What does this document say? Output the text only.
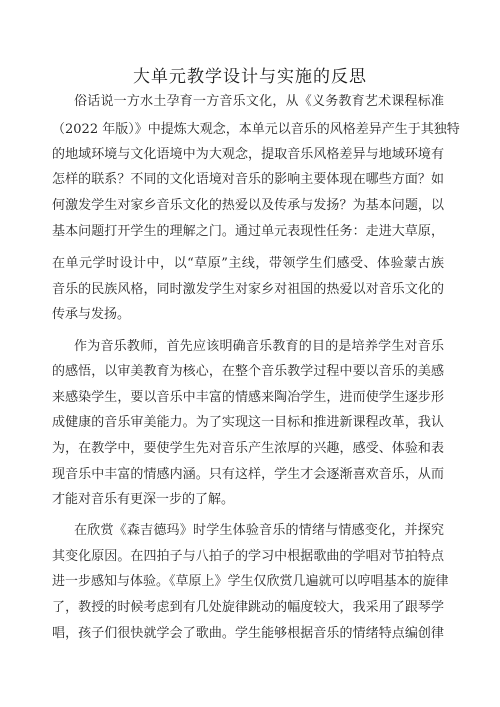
大单元教学设计与实施的反思

俗话说一方水土孕育一方音乐文化，从《义务教育艺术课程标准

（2022 年版）》中提炼大观念，本单元以音乐的风格差异产生于其独特

的地域环境与文化语境中为大观念，提取音乐风格差异与地域环境有

怎样的联系？不同的文化语境对音乐的影响主要体现在哪些方面？如

何激发学生对家乡音乐文化的热爱以及传承与发扬？为基本问题，以

基本问题打开学生的理解之门。通过单元表现性任务：走进大草原，

在单元学时设计中，以“草原”主线，带领学生们感受、体验蒙古族

音乐的民族风格，同时激发学生对家乡对祖国的热爱以对音乐文化的

传承与发扬。

作为音乐教师，首先应该明确音乐教育的目的是培养学生对音乐

的感悟，以审美教育为核心，在整个音乐教学过程中要以音乐的美感

来感染学生，要以音乐中丰富的情感来陶冶学生，进而使学生逐步形

成健康的音乐审美能力。为了实现这一目标和推进新课程改革，我认

为，在教学中，要使学生先对音乐产生浓厚的兴趣，感受、体验和表

现音乐中丰富的情感内涵。只有这样，学生才会逐渐喜欢音乐，从而

才能对音乐有更深一步的了解。

在欣赏《森吉德玛》时学生体验音乐的情绪与情感变化，并探究

其变化原因。在四拍子与八拍子的学习中根据歌曲的学唱对节拍特点

进一步感知与体验。《草原上》学生仅欣赏几遍就可以哼唱基本的旋律

了，教授的时候考虑到有几处旋律跳动的幅度较大，我采用了跟琴学

唱，孩子们很快就学会了歌曲。学生能够根据音乐的情绪特点编创律
